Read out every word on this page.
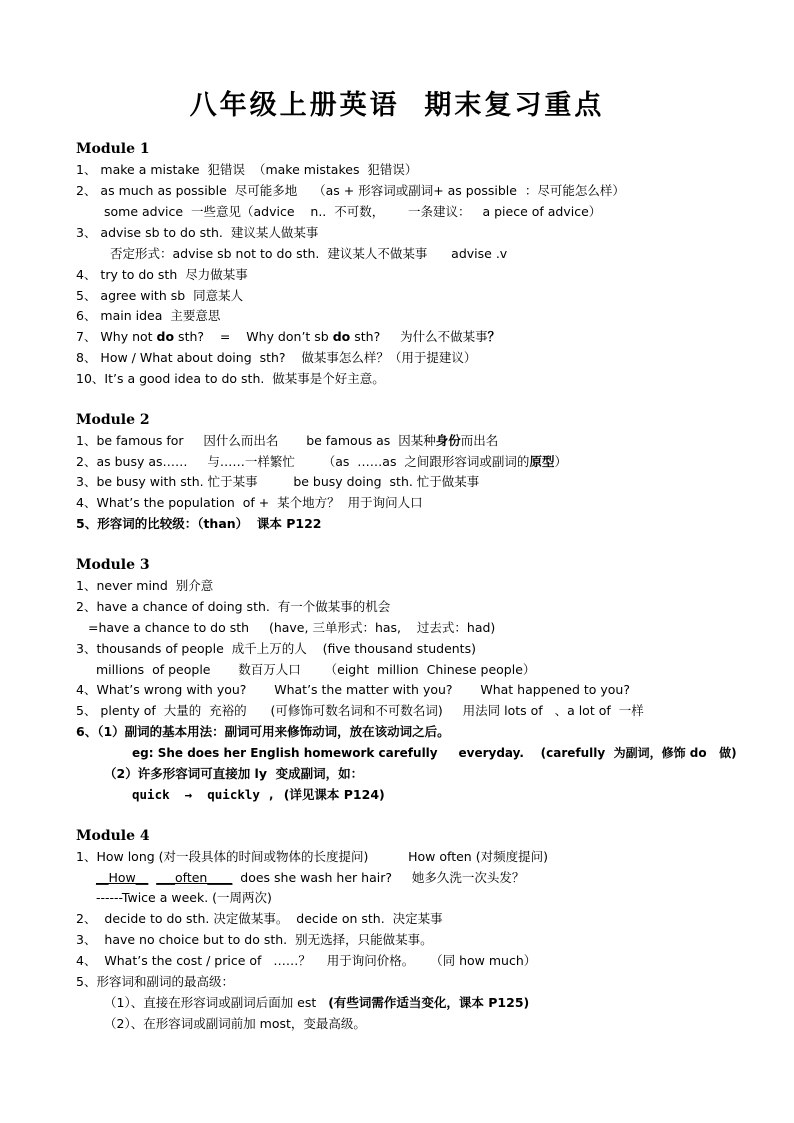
八年级上册英语  期末复习重点
Module 1
1、 make a mistake  犯错误  （make mistakes  犯错误）
2、 as much as possible  尽可能多地    （as + 形容词或副词+ as possible  ：尽可能怎么样）
some advice  一些意见（advice    n..  不可数，      一条建议：   a piece of advice）
3、 advise sb to do sth.  建议某人做某事
否定形式：advise sb not to do sth.  建议某人不做某事      advise .v
4、 try to do sth  尽力做某事
5、 agree with sb  同意某人
6、 main idea  主要意思
7、 Why not do sth?    =    Why don’t sb do sth?     为什么不做某事？
8、 How / What about doing  sth?    做某事怎么样？（用于提建议）
10、It’s a good idea to do sth.  做某事是个好主意。
Module 2
1、be famous for     因什么而出名       be famous as  因某种身份而出名
2、as busy as……     与……一样繁忙       （as  ……as  之间跟形容词或副词的原型）
3、be busy with sth. 忙于某事         be busy doing  sth. 忙于做某事
4、What’s the population  of +  某个地方？  用于询问人口
5、形容词的比较级：（than）  课本 P122
Module 3
1、never mind  别介意
2、have a chance of doing sth.  有一个做某事的机会
=have a chance to do sth     (have, 三单形式：has,    过去式：had)
3、thousands of people  成千上万的人    (five thousand students)
millions  of people       数百万人口      （eight  million  Chinese people）
4、What’s wrong with you?       What’s the matter with you?       What happened to you?
5、 plenty of  大量的  充裕的      (可修饰可数名词和不可数名词)     用法同 lots of   、a lot of  一样
6、（1）副词的基本用法：副词可用来修饰动词，放在该动词之后。
eg: She does her English homework carefully     everyday.    (carefully  为副词，修饰 do   做)
（2）许多形容词可直接加 ly  变成副词，如：
quick  →  quickly ,  (详见课本 P124)
Module 4
1、How long (对一段具体的时间或物体的长度提问)          How often (对频度提问)
__How__ ___often____  does she wash her hair?     她多久洗一次头发？
------Twice a week. (一周两次)
2、  decide to do sth. 决定做某事。  decide on sth.  决定某事
3、  have no choice but to do sth.  别无选择，只能做某事。
4、  What’s the cost / price of   ……？    用于询问价格。    （同 how much）
5、形容词和副词的最高级：
（1）、直接在形容词或副词后面加 est   (有些词需作适当变化，课本 P125)
（2）、在形容词或副词前加 most，变最高级。
